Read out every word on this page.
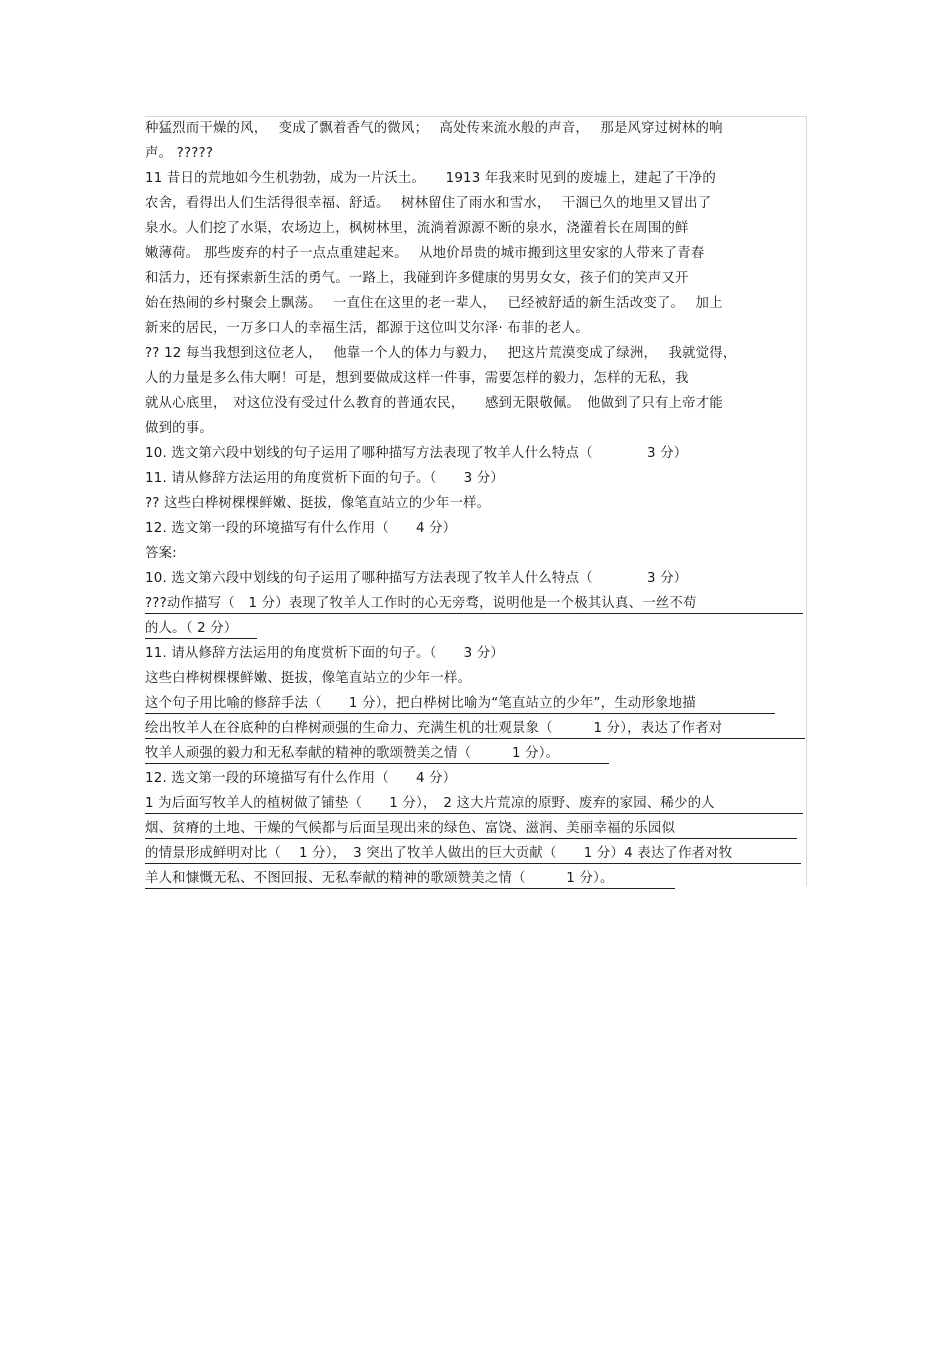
种猛烈而干燥的风，　 变成了飘着香气的微风；　 高处传来流水般的声音，　 那是风穿过树林的响
声。 ?????
11 昔日的荒地如今生机勃勃，成为一片沃土。　　1913 年我来时见到的废墟上，建起了干净的
农舍，看得出人们生活得很幸福、舒适。　 树林留住了雨水和雪水，　 干涸已久的地里又冒出了
泉水。人们挖了水渠，农场边上，枫树林里，流淌着源源不断的泉水，浇灌着长在周围的鲜
嫩薄荷。 那些废弃的村子一点点重建起来。　 从地价昂贵的城市搬到这里安家的人带来了青春
和活力，还有探索新生活的勇气。一路上，我碰到许多健康的男男女女，孩子们的笑声又开
始在热闹的乡村聚会上飘荡。　 一直住在这里的老一辈人，　 已经被舒适的新生活改变了。　 加上
新来的居民，一万多口人的幸福生活，都源于这位叫艾尔泽· 布菲的老人。
?? 12 每当我想到这位老人，　 他靠一个人的体力与毅力，　 把这片荒漠变成了绿洲，　 我就觉得，
人的力量是多么伟大啊！可是，想到要做成这样一件事，需要怎样的毅力，怎样的无私，我
就从心底里，　对这位没有受过什么教育的普通农民，　　感到无限敬佩。　他做到了只有上帝才能
做到的事。
10. 选文第六段中划线的句子运用了哪种描写方法表现了牧羊人什么特点（　　　　3 分）
11. 请从修辞方法运用的角度赏析下面的句子。（　　3 分）
?? 这些白桦树棵棵鲜嫩、挺拔，像笔直站立的少年一样。
12. 选文第一段的环境描写有什么作用（　　4 分）
答案:
10. 选文第六段中划线的句子运用了哪种描写方法表现了牧羊人什么特点（　　　　3 分）
???动作描写（　1 分）表现了牧羊人工作时的心无旁骛，说明他是一个极其认真、一丝不苟
的人。（ 2 分）
11. 请从修辞方法运用的角度赏析下面的句子。（　　3 分）
这些白桦树棵棵鲜嫩、挺拔，像笔直站立的少年一样。
这个句子用比喻的修辞手法（　　1 分），把白桦树比喻为“笔直站立的少年”，生动形象地描
绘出牧羊人在谷底种的白桦树顽强的生命力、充满生机的壮观景象（　　　1 分），表达了作者对
牧羊人顽强的毅力和无私奉献的精神的歌颂赞美之情（　　　1 分）。
12. 选文第一段的环境描写有什么作用（　　4 分）
1 为后面写牧羊人的植树做了铺垫（　　1 分），　2 这大片荒凉的原野、废弃的家园、稀少的人
烟、贫瘠的土地、干燥的气候都与后面呈现出来的绿色、富饶、滋润、美丽幸福的乐园似
的情景形成鲜明对比（　 1 分），　3 突出了牧羊人做出的巨大贡献（　　1 分）4 表达了作者对牧
羊人和慷慨无私、不图回报、无私奉献的精神的歌颂赞美之情（　　　1 分）。
